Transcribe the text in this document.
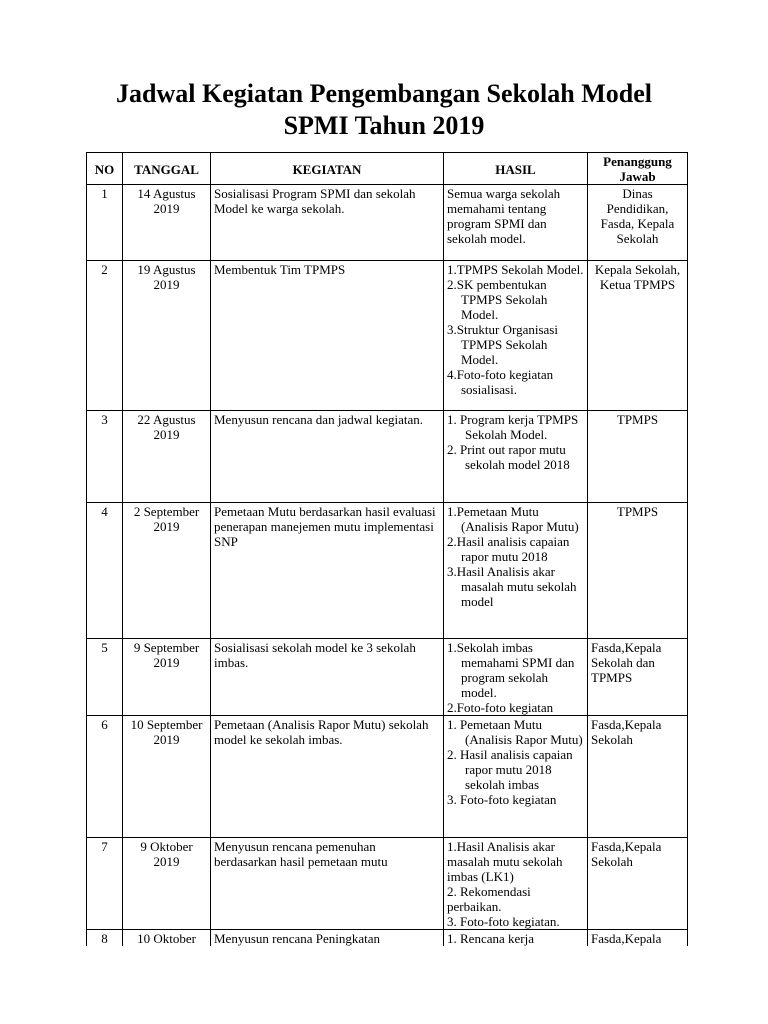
Jadwal Kegiatan Pengembangan Sekolah Model
SPMI Tahun 2019
NO	TANGGAL	KEGIATAN	HASIL	Penanggung
Jawab

1	14 Agustus 2019	Sosialisasi Program SPMI dan sekolah Model ke warga sekolah.	Semua warga sekolah memahami tentang program SPMI dan sekolah model.	Dinas Pendidikan, Fasda, Kepala Sekolah
2	19 Agustus 2019	Membentuk Tim TPMPS	1.TPMPS Sekolah Model.
2.SK pembentukan TPMPS Sekolah Model.
3.Struktur Organisasi TPMPS Sekolah Model.
4.Foto-foto kegiatan sosialisasi.	Kepala Sekolah, Ketua TPMPS
3	22 Agustus 2019	Menyusun rencana dan jadwal kegiatan.	1. Program kerja TPMPS Sekolah Model.
2. Print out rapor mutu sekolah model 2018	TPMPS
4	2 September 2019	Pemetaan Mutu berdasarkan hasil evaluasi penerapan manejemen mutu implementasi SNP	1.Pemetaan Mutu (Analisis Rapor Mutu)
2.Hasil analisis capaian rapor mutu 2018
3.Hasil Analisis akar masalah mutu sekolah model	TPMPS
5	9 September 2019	Sosialisasi sekolah model ke 3 sekolah imbas.	1.Sekolah imbas memahami SPMI dan program sekolah model.
2.Foto-foto kegiatan	Fasda,Kepala Sekolah dan TPMPS
6	10 September 2019	Pemetaan (Analisis Rapor Mutu) sekolah model ke sekolah imbas.	1. Pemetaan Mutu (Analisis Rapor Mutu)
2. Hasil analisis capaian rapor mutu 2018 sekolah imbas
3. Foto-foto kegiatan	Fasda,Kepala Sekolah
7	9 Oktober 2019	Menyusun rencana pemenuhan berdasarkan hasil pemetaan mutu	1.Hasil Analisis akar masalah mutu sekolah imbas (LK1)
2. Rekomendasi perbaikan.
3. Foto-foto kegiatan.	Fasda,Kepala Sekolah
8	10 Oktober	Menyusun rencana Peningkatan	1. Rencana kerja	Fasda,Kepala
